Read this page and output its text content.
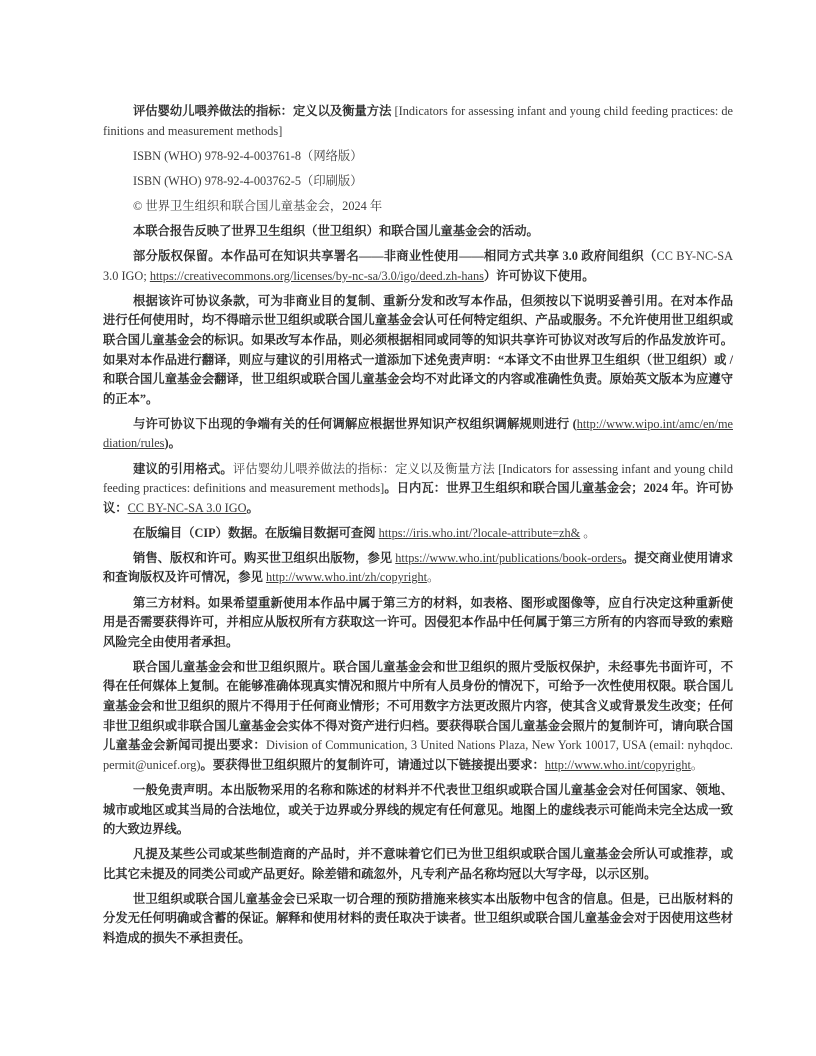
评估婴幼儿喂养做法的指标：定义以及衡量方法 [Indicators for assessing infant and young child feeding practices: definitions and measurement methods]

ISBN (WHO) 978-92-4-003761-8（网络版）

ISBN (WHO) 978-92-4-003762-5（印刷版）

© 世界卫生组织和联合国儿童基金会，2024 年

本联合报告反映了世界卫生组织（世卫组织）和联合国儿童基金会的活动。

部分版权保留。本作品可在知识共享署名——非商业性使用——相同方式共享 3.0 政府间组织（CC BY-NC-SA 3.0 IGO; https://creativecommons.org/licenses/by-nc-sa/3.0/igo/deed.zh-hans）许可协议下使用。

根据该许可协议条款，可为非商业目的复制、重新分发和改写本作品，但须按以下说明妥善引用。在对本作品进行任何使用时，均不得暗示世卫组织或联合国儿童基金会认可任何特定组织、产品或服务。不允许使用世卫组织或联合国儿童基金会的标识。如果改写本作品，则必须根据相同或同等的知识共享许可协议对改写后的作品发放许可。如果对本作品进行翻译，则应与建议的引用格式一道添加下述免责声明：“本译文不由世界卫生组织（世卫组织）或 / 和联合国儿童基金会翻译，世卫组织或联合国儿童基金会均不对此译文的内容或准确性负责。原始英文版本为应遵守的正本”。

与许可协议下出现的争端有关的任何调解应根据世界知识产权组织调解规则进行 (http://www.wipo.int/amc/en/mediation/rules)。

建议的引用格式。评估婴幼儿喂养做法的指标：定义以及衡量方法 [Indicators for assessing infant and young child feeding practices: definitions and measurement methods]。日内瓦：世界卫生组织和联合国儿童基金会；2024 年。许可协议：CC BY-NC-SA 3.0 IGO。

在版编目（CIP）数据。在版编目数据可查阅 https://iris.who.int/?locale-attribute=zh& 。

销售、版权和许可。购买世卫组织出版物，参见 https://www.who.int/publications/book-orders。提交商业使用请求和查询版权及许可情况，参见 http://www.who.int/zh/copyright。

第三方材料。如果希望重新使用本作品中属于第三方的材料，如表格、图形或图像等，应自行决定这种重新使用是否需要获得许可，并相应从版权所有方获取这一许可。因侵犯本作品中任何属于第三方所有的内容而导致的索赔风险完全由使用者承担。

联合国儿童基金会和世卫组织照片。联合国儿童基金会和世卫组织的照片受版权保护，未经事先书面许可，不得在任何媒体上复制。在能够准确体现真实情况和照片中所有人员身份的情况下，可给予一次性使用权限。联合国儿童基金会和世卫组织的照片不得用于任何商业情形；不可用数字方法更改照片内容，使其含义或背景发生改变；任何非世卫组织或非联合国儿童基金会实体不得对资产进行归档。要获得联合国儿童基金会照片的复制许可，请向联合国儿童基金会新闻司提出要求：Division of Communication, 3 United Nations Plaza, New York 10017, USA (email: nyhqdoc.permit@unicef.org)。要获得世卫组织照片的复制许可，请通过以下链接提出要求：http://www.who.int/copyright。

一般免责声明。本出版物采用的名称和陈述的材料并不代表世卫组织或联合国儿童基金会对任何国家、领地、城市或地区或其当局的合法地位，或关于边界或分界线的规定有任何意见。地图上的虚线表示可能尚未完全达成一致的大致边界线。

凡提及某些公司或某些制造商的产品时，并不意味着它们已为世卫组织或联合国儿童基金会所认可或推荐，或比其它未提及的同类公司或产品更好。除差错和疏忽外，凡专利产品名称均冠以大写字母，以示区别。

世卫组织或联合国儿童基金会已采取一切合理的预防措施来核实本出版物中包含的信息。但是，已出版材料的分发无任何明确或含蓄的保证。解释和使用材料的责任取决于读者。世卫组织或联合国儿童基金会对于因使用这些材料造成的损失不承担责任。
